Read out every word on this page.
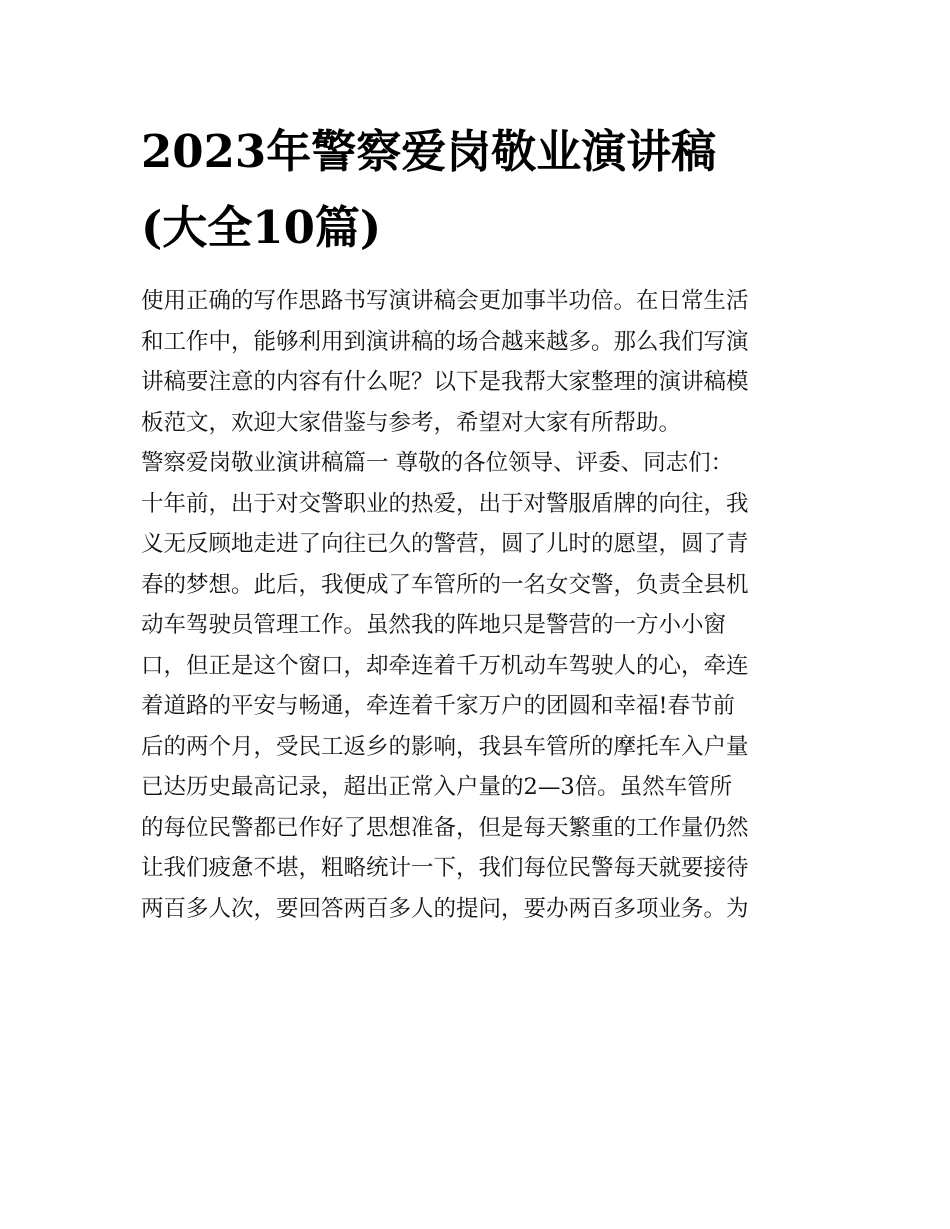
2023年警察爱岗敬业演讲稿
(大全10篇)
使用正确的写作思路书写演讲稿会更加事半功倍。在日常生活
和工作中，能够利用到演讲稿的场合越来越多。那么我们写演
讲稿要注意的内容有什么呢？以下是我帮大家整理的演讲稿模
板范文，欢迎大家借鉴与参考，希望对大家有所帮助。
警察爱岗敬业演讲稿篇一 尊敬的各位领导、评委、同志们：
十年前，出于对交警职业的热爱，出于对警服盾牌的向往，我
义无反顾地走进了向往已久的警营，圆了儿时的愿望，圆了青
春的梦想。此后，我便成了车管所的一名女交警，负责全县机
动车驾驶员管理工作。虽然我的阵地只是警营的一方小小窗
口，但正是这个窗口，却牵连着千万机动车驾驶人的心，牵连
着道路的平安与畅通，牵连着千家万户的团圆和幸福!春节前
后的两个月，受民工返乡的影响，我县车管所的摩托车入户量
已达历史最高记录，超出正常入户量的2—3倍。虽然车管所
的每位民警都已作好了思想准备，但是每天繁重的工作量仍然
让我们疲惫不堪，粗略统计一下，我们每位民警每天就要接待
两百多人次，要回答两百多人的提问，要办两百多项业务。为
